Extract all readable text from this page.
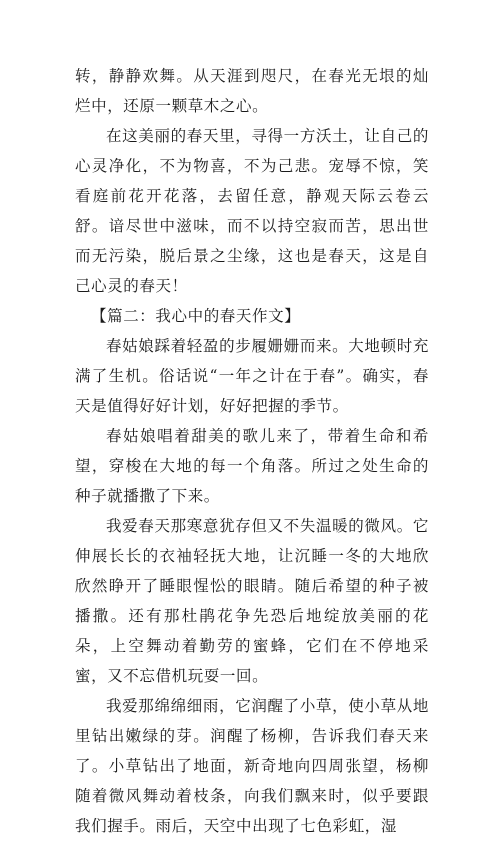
转，静静欢舞。从天涯到咫尺，在春光无垠的灿烂中，还原一颗草木之心。

在这美丽的春天里，寻得一方沃土，让自己的心灵净化，不为物喜，不为己悲。宠辱不惊，笑看庭前花开花落，去留任意，静观天际云卷云舒。谙尽世中滋味，而不以持空寂而苦，思出世而无污染，脱后景之尘缘，这也是春天，这是自己心灵的春天！

【篇二：我心中的春天作文】

春姑娘踩着轻盈的步履姗姗而来。大地顿时充满了生机。俗话说“一年之计在于春”。确实，春天是值得好好计划，好好把握的季节。

春姑娘唱着甜美的歌儿来了，带着生命和希望，穿梭在大地的每一个角落。所过之处生命的种子就播撒了下来。

我爱春天那寒意犹存但又不失温暖的微风。它伸展长长的衣袖轻抚大地，让沉睡一冬的大地欣欣然睁开了睡眼惺忪的眼睛。随后希望的种子被播撒。还有那杜鹃花争先恐后地绽放美丽的花朵，上空舞动着勤劳的蜜蜂，它们在不停地采蜜，又不忘借机玩耍一回。

我爱那绵绵细雨，它润醒了小草，使小草从地里钻出嫩绿的芽。润醒了杨柳，告诉我们春天来了。小草钻出了地面，新奇地向四周张望，杨柳随着微风舞动着枝条，向我们飘来时，似乎要跟我们握手。雨后，天空中出现了七色彩虹，湿
